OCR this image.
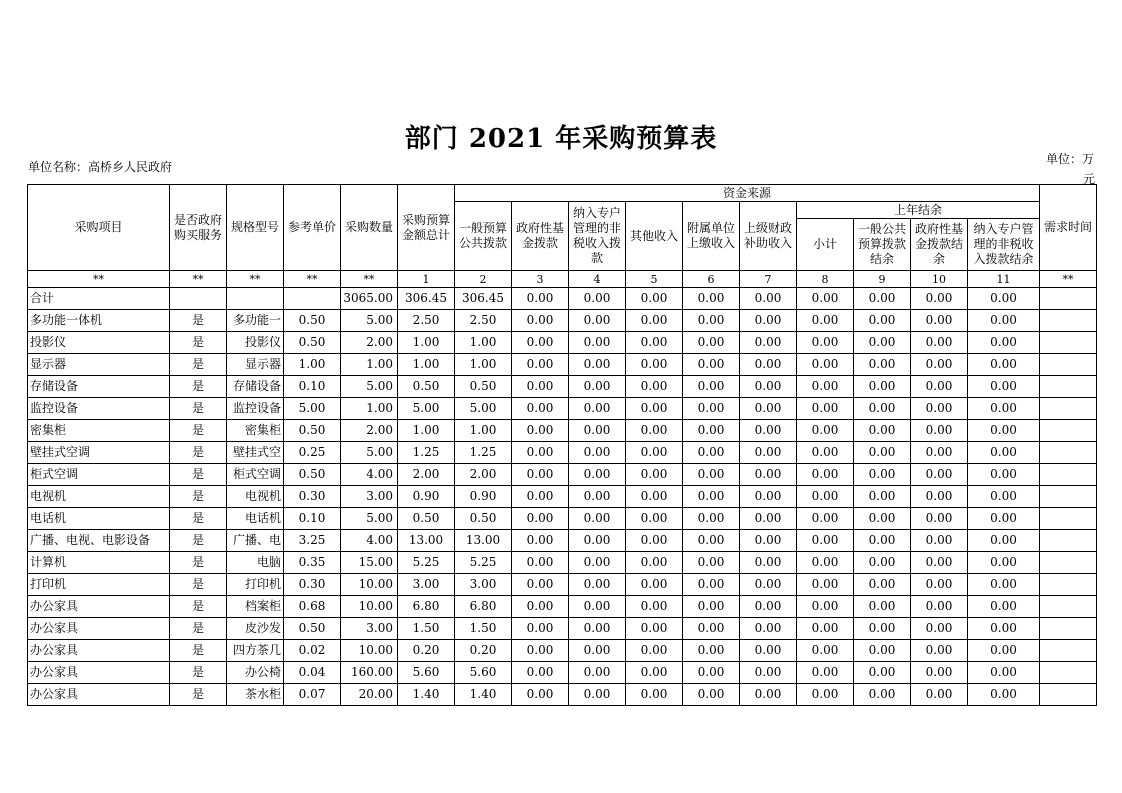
部门 2021 年采购预算表
单位名称：高桥乡人民政府
单位：万
元
采购项目	是否政府购买服务	规格型号	参考单价	采购数量	采购预算金额总计	资金来源										需求时间
						一般预算公共拨款	政府性基金拨款	纳入专户管理的非税收入拨款	其他收入	附属单位上缴收入	上级财政补助收入	上年结余				
												小计	一般公共预算拨款结余	政府性基金拨款结余	纳入专户管理的非税收入拨款结余	
**	**	**	**	**	1	2	3	4	5	6	7	8	9	10	11	**
合计				3065.00	306.45	306.45	0.00	0.00	0.00	0.00	0.00	0.00	0.00	0.00	0.00	
多功能一体机	是	多功能一	0.50	5.00	2.50	2.50	0.00	0.00	0.00	0.00	0.00	0.00	0.00	0.00	0.00	
投影仪	是	投影仪	0.50	2.00	1.00	1.00	0.00	0.00	0.00	0.00	0.00	0.00	0.00	0.00	0.00	
显示器	是	显示器	1.00	1.00	1.00	1.00	0.00	0.00	0.00	0.00	0.00	0.00	0.00	0.00	0.00	
存储设备	是	存储设备	0.10	5.00	0.50	0.50	0.00	0.00	0.00	0.00	0.00	0.00	0.00	0.00	0.00	
监控设备	是	监控设备	5.00	1.00	5.00	5.00	0.00	0.00	0.00	0.00	0.00	0.00	0.00	0.00	0.00	
密集柜	是	密集柜	0.50	2.00	1.00	1.00	0.00	0.00	0.00	0.00	0.00	0.00	0.00	0.00	0.00	
壁挂式空调	是	壁挂式空	0.25	5.00	1.25	1.25	0.00	0.00	0.00	0.00	0.00	0.00	0.00	0.00	0.00	
柜式空调	是	柜式空调	0.50	4.00	2.00	2.00	0.00	0.00	0.00	0.00	0.00	0.00	0.00	0.00	0.00	
电视机	是	电视机	0.30	3.00	0.90	0.90	0.00	0.00	0.00	0.00	0.00	0.00	0.00	0.00	0.00	
电话机	是	电话机	0.10	5.00	0.50	0.50	0.00	0.00	0.00	0.00	0.00	0.00	0.00	0.00	0.00	
广播、电视、电影设备	是	广播、电	3.25	4.00	13.00	13.00	0.00	0.00	0.00	0.00	0.00	0.00	0.00	0.00	0.00	
计算机	是	电脑	0.35	15.00	5.25	5.25	0.00	0.00	0.00	0.00	0.00	0.00	0.00	0.00	0.00	
打印机	是	打印机	0.30	10.00	3.00	3.00	0.00	0.00	0.00	0.00	0.00	0.00	0.00	0.00	0.00	
办公家具	是	档案柜	0.68	10.00	6.80	6.80	0.00	0.00	0.00	0.00	0.00	0.00	0.00	0.00	0.00	
办公家具	是	皮沙发	0.50	3.00	1.50	1.50	0.00	0.00	0.00	0.00	0.00	0.00	0.00	0.00	0.00	
办公家具	是	四方茶几	0.02	10.00	0.20	0.20	0.00	0.00	0.00	0.00	0.00	0.00	0.00	0.00	0.00	
办公家具	是	办公椅	0.04	160.00	5.60	5.60	0.00	0.00	0.00	0.00	0.00	0.00	0.00	0.00	0.00	
办公家具	是	茶水柜	0.07	20.00	1.40	1.40	0.00	0.00	0.00	0.00	0.00	0.00	0.00	0.00	0.00	
